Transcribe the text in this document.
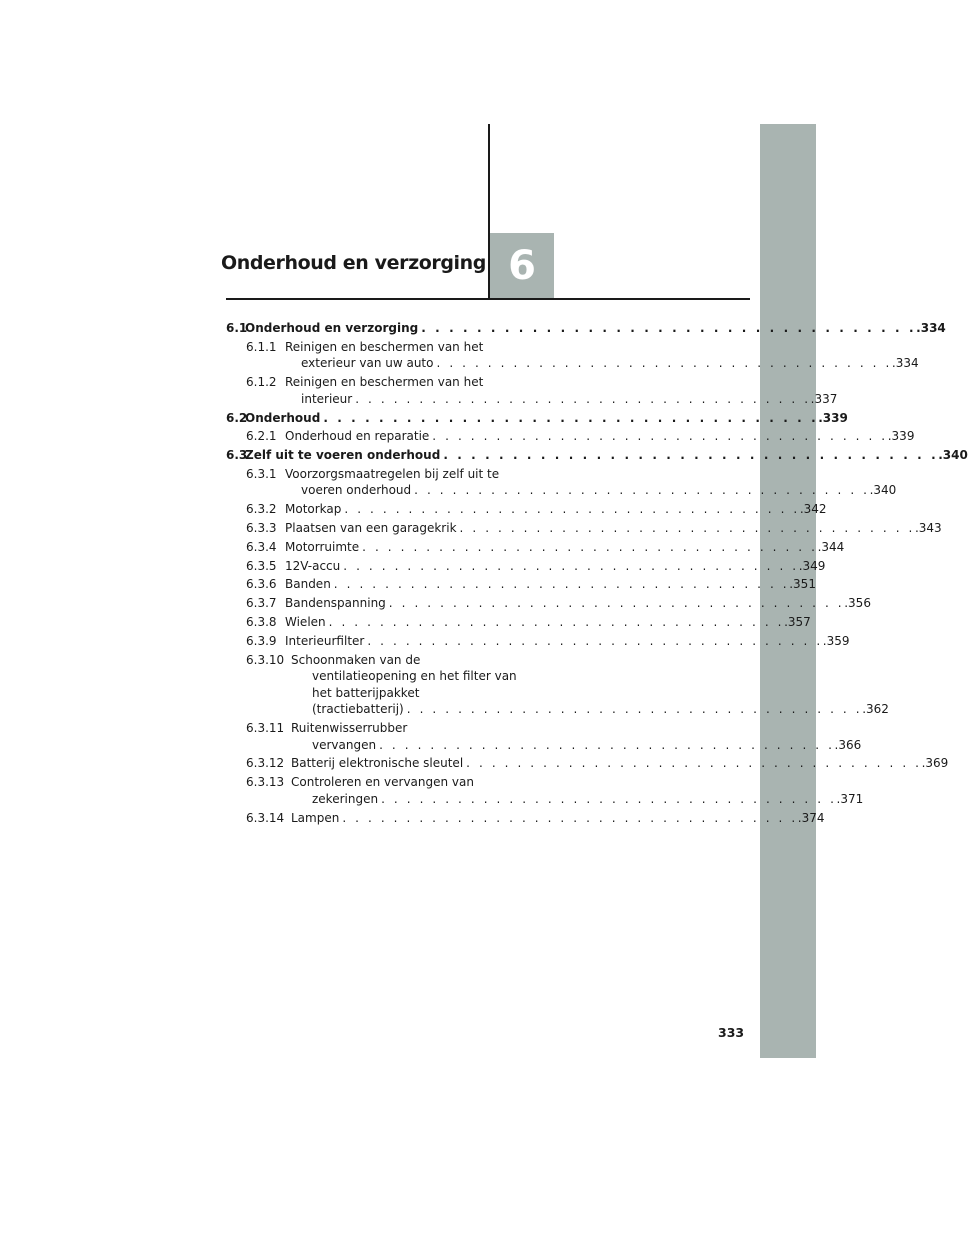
Onderhoud en verzorging 6
6.1
Onderhoud en verzorging . . . . . . . . . . . . . . . . . . . . . . . . . . . . . . . . . . . . .334
6.1.1 Reinigen en beschermen van het
exterieur van uw auto . . . . . . . . . . . . . . . . . . . . . . . . . . . . . . . . . . . . .334
6.1.2 Reinigen en beschermen van het
interieur . . . . . . . . . . . . . . . . . . . . . . . . . . . . . . . . . . . . .337
6.2
Onderhoud . . . . . . . . . . . . . . . . . . . . . . . . . . . . . . . . . . . . .339
6.2.1 Onderhoud en reparatie . . . . . . . . . . . . . . . . . . . . . . . . . . . . . . . . . . . . .339
6.3
Zelf uit te voeren onderhoud . . . . . . . . . . . . . . . . . . . . . . . . . . . . . . . . . . . . .340
6.3.1 Voorzorgsmaatregelen bij zelf uit te
voeren onderhoud . . . . . . . . . . . . . . . . . . . . . . . . . . . . . . . . . . . . .340
6.3.2 Motorkap . . . . . . . . . . . . . . . . . . . . . . . . . . . . . . . . . . . . .342
6.3.3 Plaatsen van een garagekrik . . . . . . . . . . . . . . . . . . . . . . . . . . . . . . . . . . . . .343
6.3.4 Motorruimte . . . . . . . . . . . . . . . . . . . . . . . . . . . . . . . . . . . . .344
6.3.5 12V-accu . . . . . . . . . . . . . . . . . . . . . . . . . . . . . . . . . . . . .349
6.3.6 Banden . . . . . . . . . . . . . . . . . . . . . . . . . . . . . . . . . . . . .351
6.3.7 Bandenspanning . . . . . . . . . . . . . . . . . . . . . . . . . . . . . . . . . . . . .356
6.3.8 Wielen . . . . . . . . . . . . . . . . . . . . . . . . . . . . . . . . . . . . .357
6.3.9 Interieurfilter . . . . . . . . . . . . . . . . . . . . . . . . . . . . . . . . . . . . .359
6.3.10 Schoonmaken van de
ventilatieopening en het filter van
het batterijpakket
(tractiebatterij) . . . . . . . . . . . . . . . . . . . . . . . . . . . . . . . . . . . . .362
6.3.11 Ruitenwisserrubber
vervangen . . . . . . . . . . . . . . . . . . . . . . . . . . . . . . . . . . . . .366
6.3.12 Batterij elektronische sleutel . . . . . . . . . . . . . . . . . . . . . . . . . . . . . . . . . . . . .369
6.3.13 Controleren en vervangen van
zekeringen . . . . . . . . . . . . . . . . . . . . . . . . . . . . . . . . . . . . .371
6.3.14 Lampen . . . . . . . . . . . . . . . . . . . . . . . . . . . . . . . . . . . . .374
333
